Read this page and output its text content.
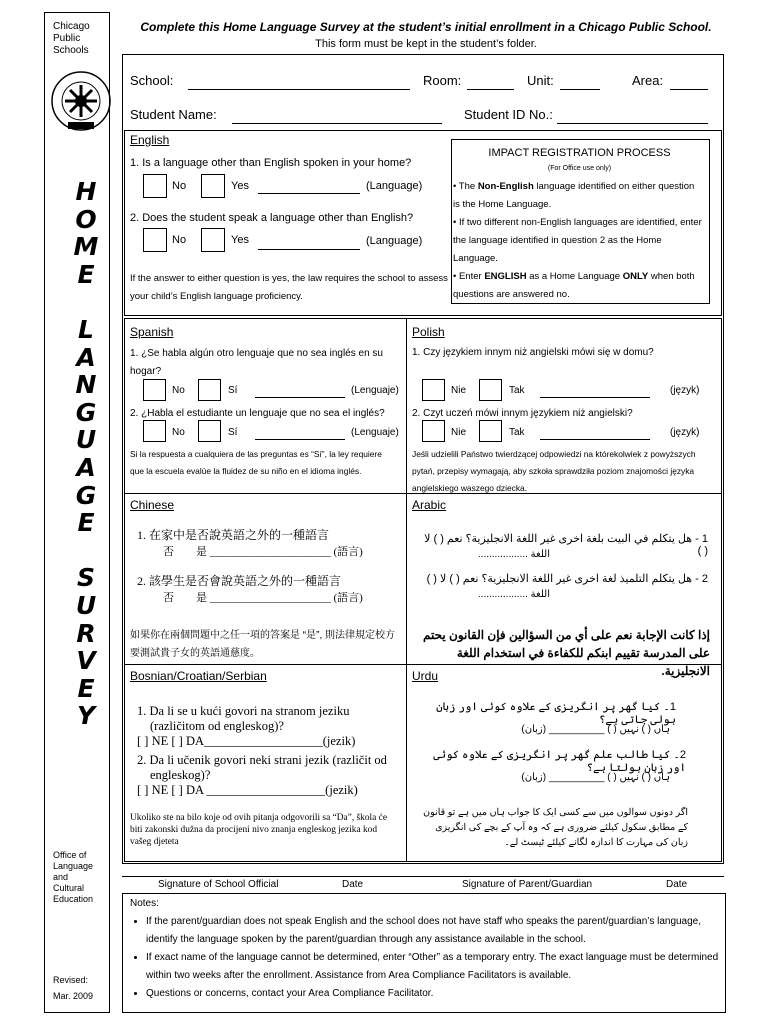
Chicago
Public
Schools
H
O
M
E
L
A
N
G
U
A
G
E
S
U
R
V
E
Y
Office of
Language
and
Cultural
Education
Revised:
Mar. 2009
Complete this Home Language Survey at the student’s initial enrollment in a Chicago Public School.
This form must be kept in the student’s folder.
School:	Room:	Unit:	Area:
Student Name:	Student ID No.:
English
1. Is a language other than English spoken in your home?
No	Yes	(Language)
2. Does the student speak a language other than English?
No	Yes	(Language)
If the answer to either question is yes, the law requires the school to assess your child’s English language proficiency.
IMPACT REGISTRATION PROCESS
(For Office use only)
• The Non-English language identified on either question is the Home Language.
• If two different non-English languages are identified, enter the language identified in question 2 as the Home Language.
• Enter ENGLISH as a Home Language ONLY when both questions are answered no.
Spanish
1. ¿Se habla algún otro lenguaje que no sea inglés en su hogar?
No	Sí	(Lenguaje)
2. ¿Habla el estudiante un lenguaje que no sea el inglés?
No	Sí	(Lenguaje)
Si la respuesta a cualquiera de las preguntas es “Sí”, la ley requiere que la escuela evalúe la fluidez de su niño en el idioma inglés.
Polish
1. Czy językiem innym niż angielski mówi się w domu?
Nie	Tak	(język)
2. Czyt uczeń mówi innym językiem niż angielski?
Nie	Tak	(język)
Jeśli udzielili Państwo twierdzącej odpowiedzi na którekolwiek z powyższych pytań, przepisy wymagają, aby szkoła sprawdziła poziom znajomości języka angielskiego waszego dziecka.
Chinese
1. 在家中是否說英語之外的一種語言
否　　是 ______________________ (語言)
2. 該學生是否會說英語之外的一種語言
否　　是 ______________________ (語言)
如果你在兩個問題中之任一項的答案是 “是”, 則法律規定校方要測試貴子女的英語通慈度。
Arabic
1 - هل يتكلم في البيت بلغة اخرى غير اللغة الانجليزية؟ نعم ( ) لا ( )
اللغة ..................
2 - هل يتكلم التلميذ لغة اخرى غير اللغة الانجليزية؟ نعم ( ) لا ( )
اللغة ..................
إذا كانت الإجابة نعم على أي من السؤالين فإن القانون يحتم على المدرسة تقييم ابنكم للكفاءة في استخدام اللغة الانجليزية.
Bosnian/Croatian/Serbian
1. Da li se u kući govori na stranom jeziku
(različitom od engleskog)?
[ ] NE [ ] DA___________________(jezik)
2. Da li učenik govori neki strani jezik (različit od
engleskog)?
[ ] NE [ ] DA ___________________(jezik)
Ukoliko ste na bilo koje od ovih pitanja odgovorili sa “Da”, škola će biti zakonski dužna da procijeni nivo znanja engleskog jezika kod vašeg djeteta
Urdu
1۔ کیا گھر پر انگریزی کے علاوہ کوئی اور زبان بولی جاتی ہے؟
ہاں ( ) نہیں ( ) __________ (زبان)
2۔ کیا طالب علم گھر پر انگریزی کے علاوہ کوئی اور زبان بولتا ہے؟
ہاں ( ) نہیں ( ) __________ (زبان)
اگر دونوں سوالوں میں سے کسی ایک کا جواب ہاں میں ہے تو قانون کے مطابق سکول کیلئے ضروری ہے کہ وہ آپ کے بچے کی انگریزی زبان کی مہارت کا اندازہ لگانے کیلئے ٹیسٹ لے۔
Signature of School Official	Date	Signature of Parent/Guardian	Date
Notes:
• If the parent/guardian does not speak English and the school does not have staff who speaks the parent/guardian’s language, identify the language spoken by the parent/guardian through any assistance available in the school.
• If exact name of the language cannot be determined, enter “Other” as a temporary entry. The exact language must be determined within two weeks after the enrollment. Assistance from Area Compliance Facilitators is available.
• Questions or concerns, contact your Area Compliance Facilitator.
